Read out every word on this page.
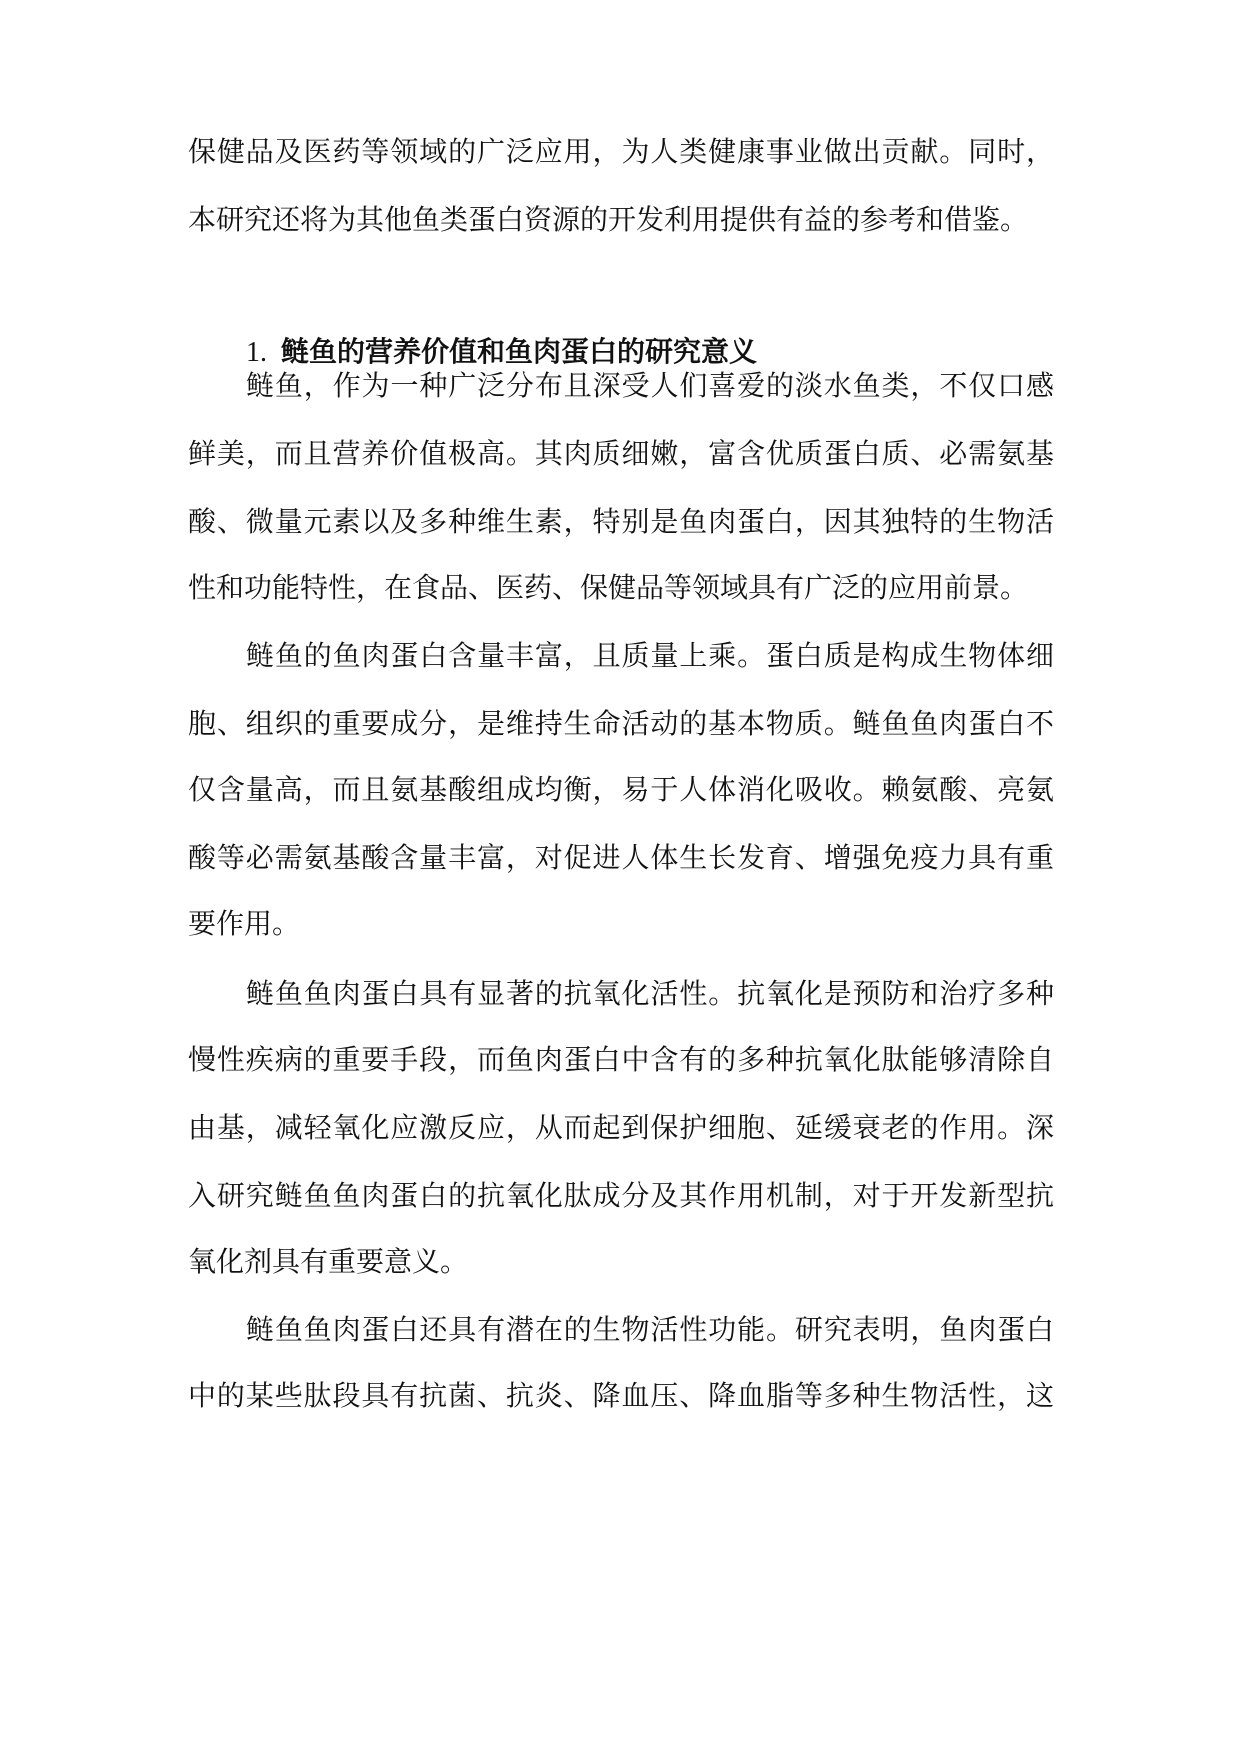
保健品及医药等领域的广泛应用，为人类健康事业做出贡献。同时，
本研究还将为其他鱼类蛋白资源的开发利用提供有益的参考和借鉴。
1. 鲢鱼的营养价值和鱼肉蛋白的研究意义
鲢鱼，作为一种广泛分布且深受人们喜爱的淡水鱼类，不仅口感
鲜美，而且营养价值极高。其肉质细嫩，富含优质蛋白质、必需氨基
酸、微量元素以及多种维生素，特别是鱼肉蛋白，因其独特的生物活
性和功能特性，在食品、医药、保健品等领域具有广泛的应用前景。
鲢鱼的鱼肉蛋白含量丰富，且质量上乘。蛋白质是构成生物体细
胞、组织的重要成分，是维持生命活动的基本物质。鲢鱼鱼肉蛋白不
仅含量高，而且氨基酸组成均衡，易于人体消化吸收。赖氨酸、亮氨
酸等必需氨基酸含量丰富，对促进人体生长发育、增强免疫力具有重
要作用。
鲢鱼鱼肉蛋白具有显著的抗氧化活性。抗氧化是预防和治疗多种
慢性疾病的重要手段，而鱼肉蛋白中含有的多种抗氧化肽能够清除自
由基，减轻氧化应激反应，从而起到保护细胞、延缓衰老的作用。深
入研究鲢鱼鱼肉蛋白的抗氧化肽成分及其作用机制，对于开发新型抗
氧化剂具有重要意义。
鲢鱼鱼肉蛋白还具有潜在的生物活性功能。研究表明，鱼肉蛋白
中的某些肽段具有抗菌、抗炎、降血压、降血脂等多种生物活性，这
